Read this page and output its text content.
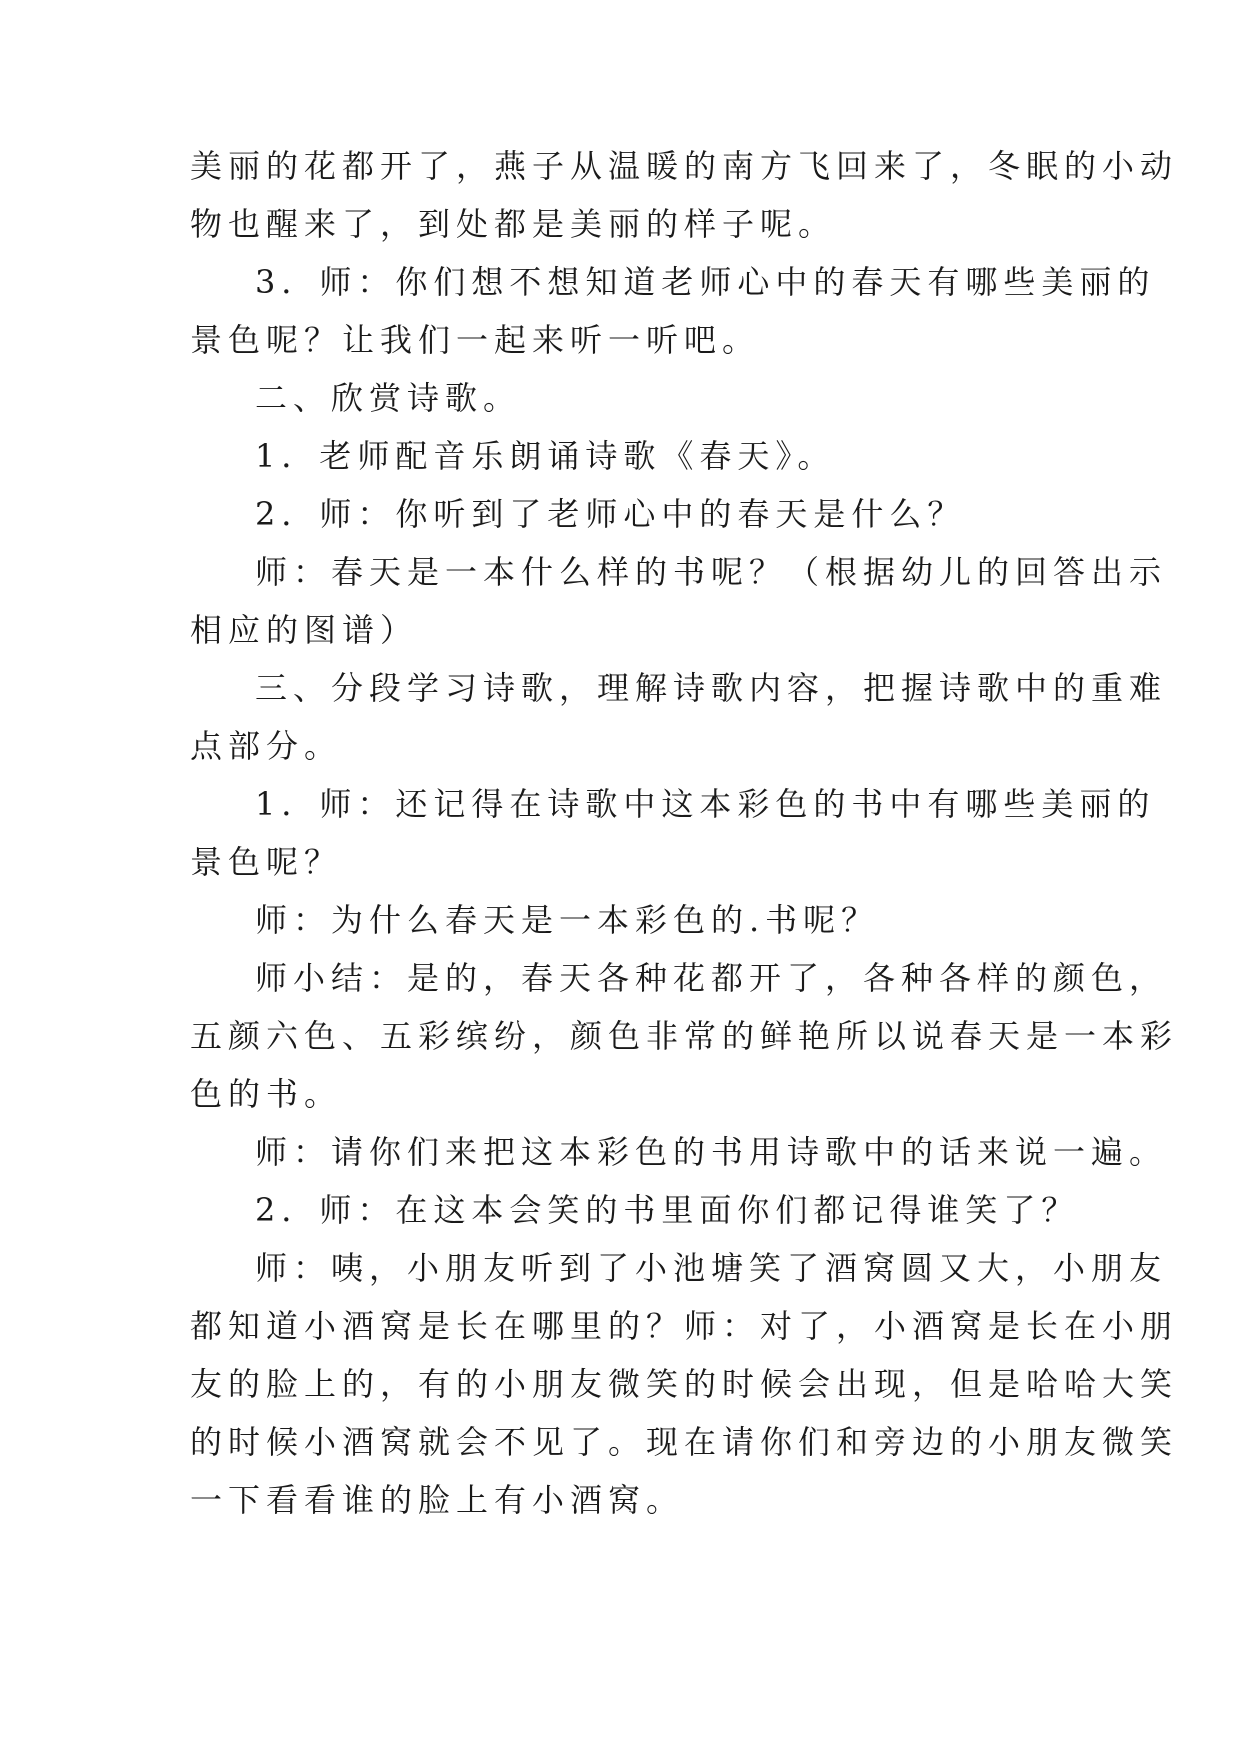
美丽的花都开了，燕子从温暖的南方飞回来了，冬眠的小动
物也醒来了，到处都是美丽的样子呢。
3．师：你们想不想知道老师心中的春天有哪些美丽的
景色呢？让我们一起来听一听吧。
二、欣赏诗歌。
1．老师配音乐朗诵诗歌《春天》。
2．师：你听到了老师心中的春天是什么？
师：春天是一本什么样的书呢？（根据幼儿的回答出示
相应的图谱）
三、分段学习诗歌，理解诗歌内容，把握诗歌中的重难
点部分。
1．师：还记得在诗歌中这本彩色的书中有哪些美丽的
景色呢？
师：为什么春天是一本彩色的.书呢？
师小结：是的，春天各种花都开了，各种各样的颜色，
五颜六色、五彩缤纷，颜色非常的鲜艳所以说春天是一本彩
色的书。
师：请你们来把这本彩色的书用诗歌中的话来说一遍。
2．师：在这本会笑的书里面你们都记得谁笑了？
师：咦，小朋友听到了小池塘笑了酒窝圆又大，小朋友
都知道小酒窝是长在哪里的？师：对了，小酒窝是长在小朋
友的脸上的，有的小朋友微笑的时候会出现，但是哈哈大笑
的时候小酒窝就会不见了。现在请你们和旁边的小朋友微笑
一下看看谁的脸上有小酒窝。
